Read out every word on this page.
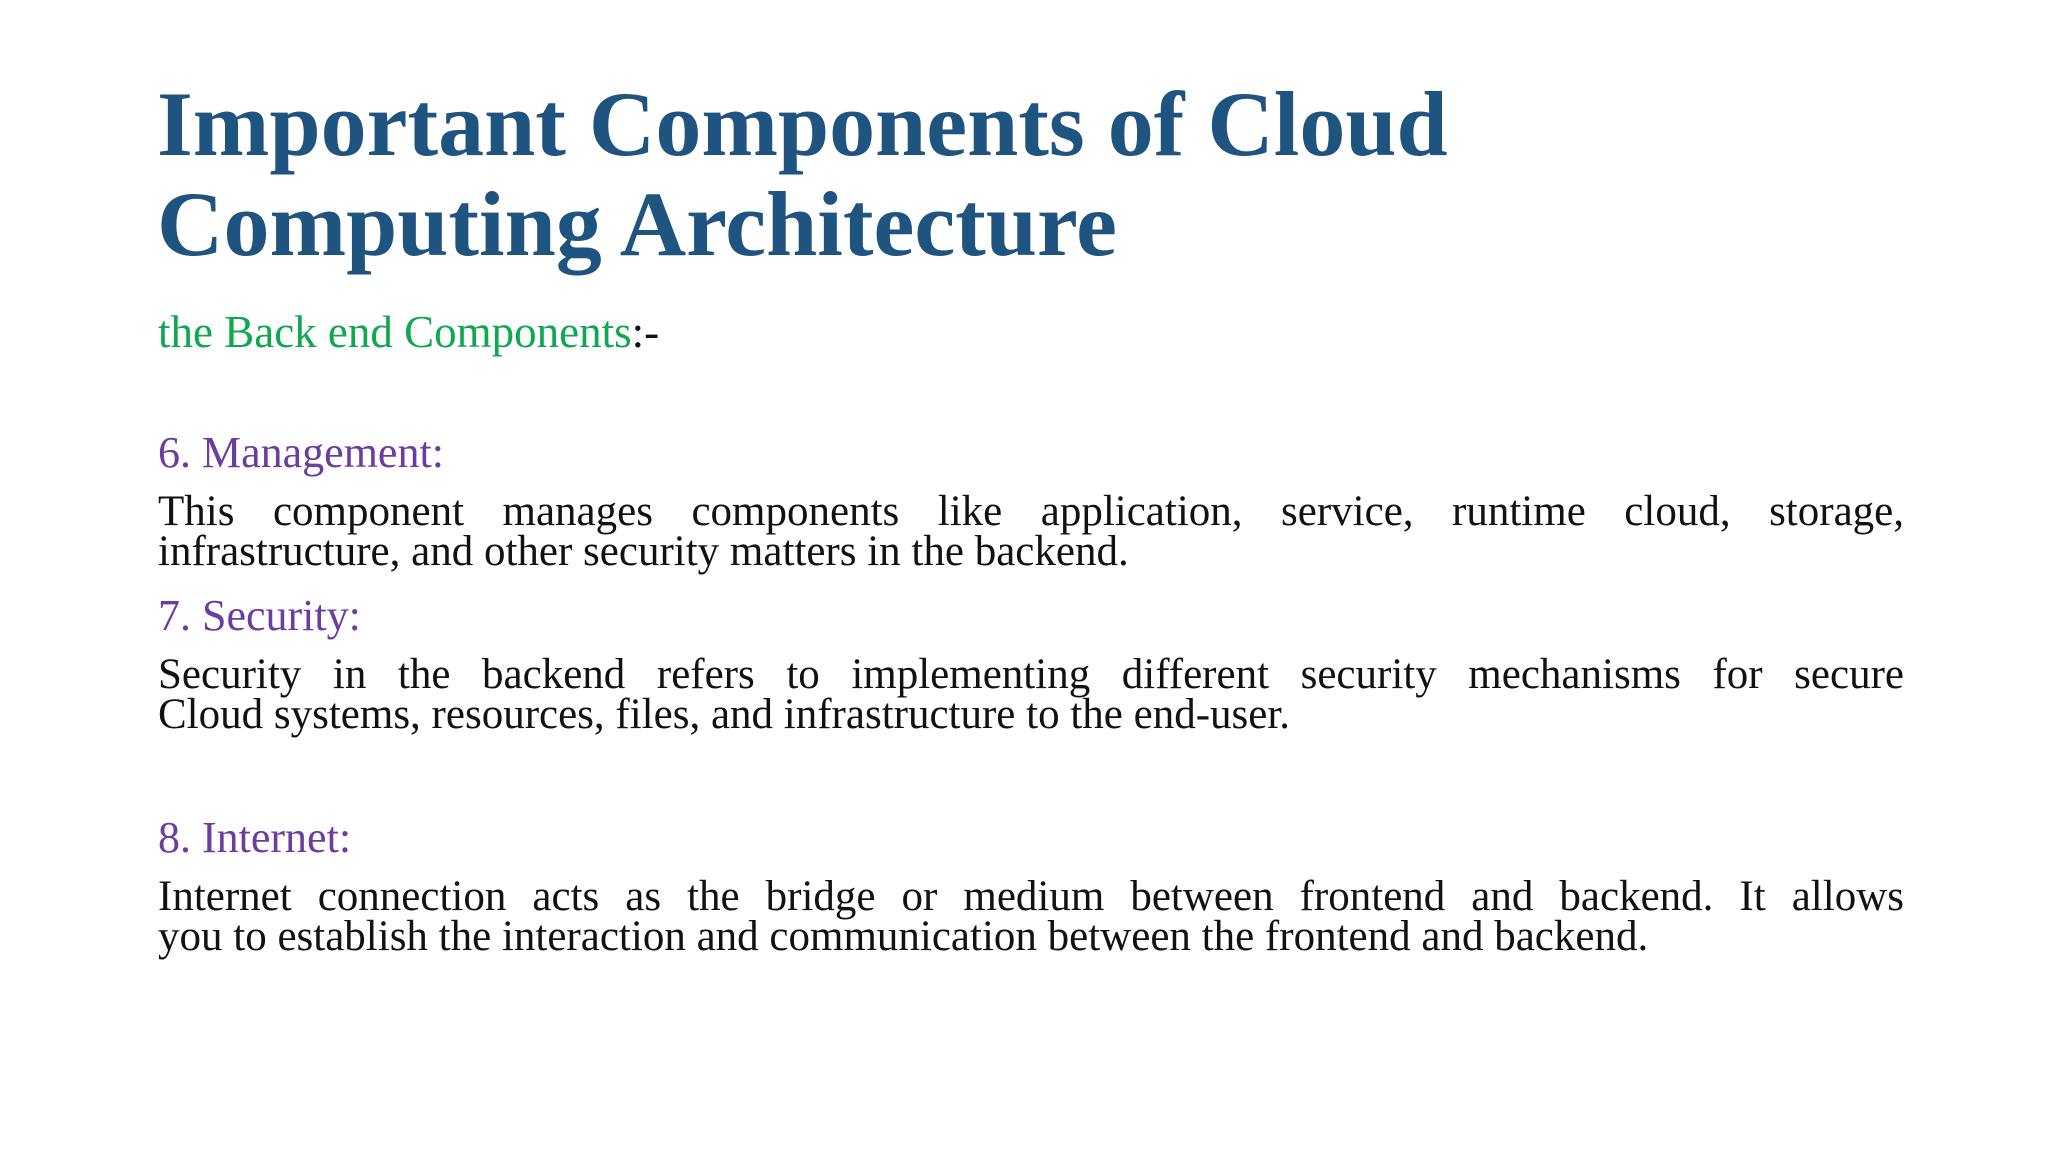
Important Components of Cloud
Computing Architecture

the Back end Components:-

6. Management:

This component manages components like application, service, runtime cloud, storage,
infrastructure, and other security matters in the backend.

7. Security:

Security in the backend refers to implementing different security mechanisms for secure
Cloud systems, resources, files, and infrastructure to the end-user.

8. Internet:

Internet connection acts as the bridge or medium between frontend and backend. It allows
you to establish the interaction and communication between the frontend and backend.
